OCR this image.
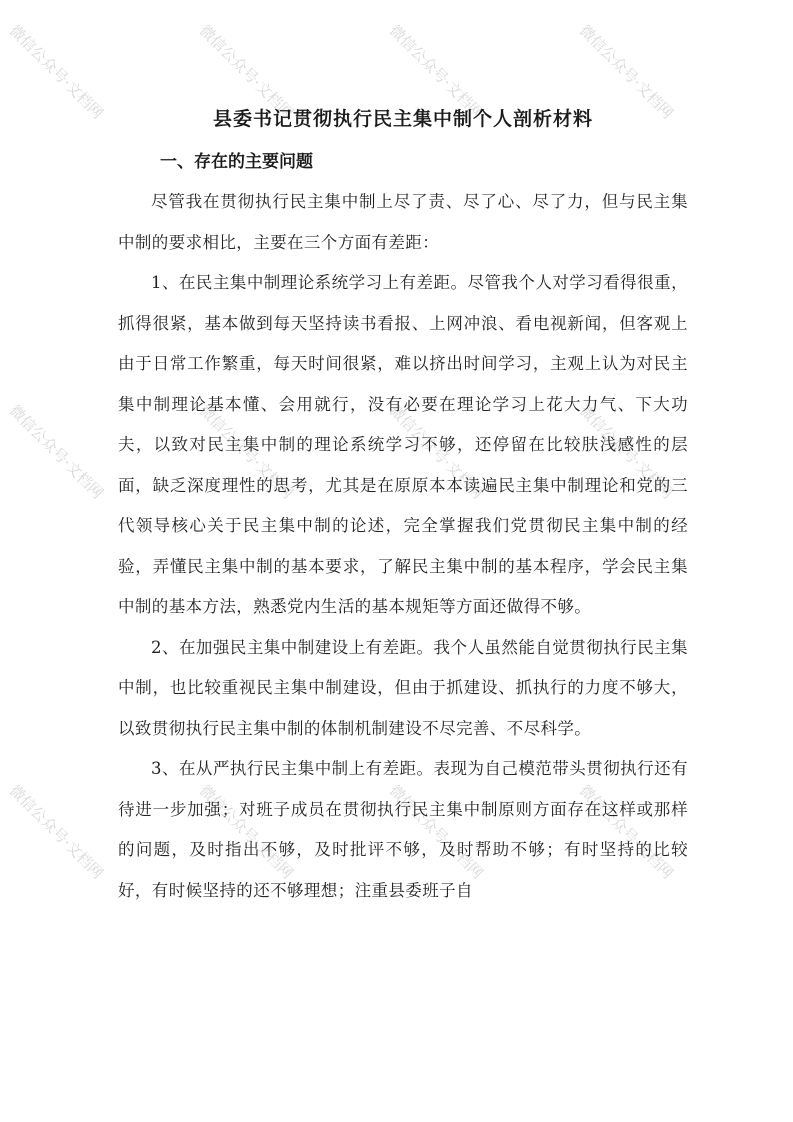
微信公众号·文档网	微信公众号·文档网	微信公众号·文档网	微信公众号·文档网
微信公众号·文档网	微信公众号·文档网	微信公众号·文档网	微信公众号·文档网
微信公众号·文档网	微信公众号·文档网	微信公众号·文档网	微信公众号·文档网
县委书记贯彻执行民主集中制个人剖析材料
一、存在的主要问题

尽管我在贯彻执行民主集中制上尽了责、尽了心、尽了力，但与民主集中制的要求相比，主要在三个方面有差距：

1、在民主集中制理论系统学习上有差距。尽管我个人对学习看得很重，抓得很紧，基本做到每天坚持读书看报、上网冲浪、看电视新闻，但客观上由于日常工作繁重，每天时间很紧，难以挤出时间学习，主观上认为对民主集中制理论基本懂、会用就行，没有必要在理论学习上花大力气、下大功夫，以致对民主集中制的理论系统学习不够，还停留在比较肤浅感性的层面，缺乏深度理性的思考，尤其是在原原本本读遍民主集中制理论和党的三代领导核心关于民主集中制的论述，完全掌握我们党贯彻民主集中制的经验，弄懂民主集中制的基本要求，了解民主集中制的基本程序，学会民主集中制的基本方法，熟悉党内生活的基本规矩等方面还做得不够。

2、在加强民主集中制建设上有差距。我个人虽然能自觉贯彻执行民主集中制，也比较重视民主集中制建设，但由于抓建设、抓执行的力度不够大，以致贯彻执行民主集中制的体制机制建设不尽完善、不尽科学。

3、在从严执行民主集中制上有差距。表现为自己模范带头贯彻执行还有待进一步加强；对班子成员在贯彻执行民主集中制原则方面存在这样或那样的问题，及时指出不够，及时批评不够，及时帮助不够；有时坚持的比较好，有时候坚持的还不够理想；注重县委班子自
